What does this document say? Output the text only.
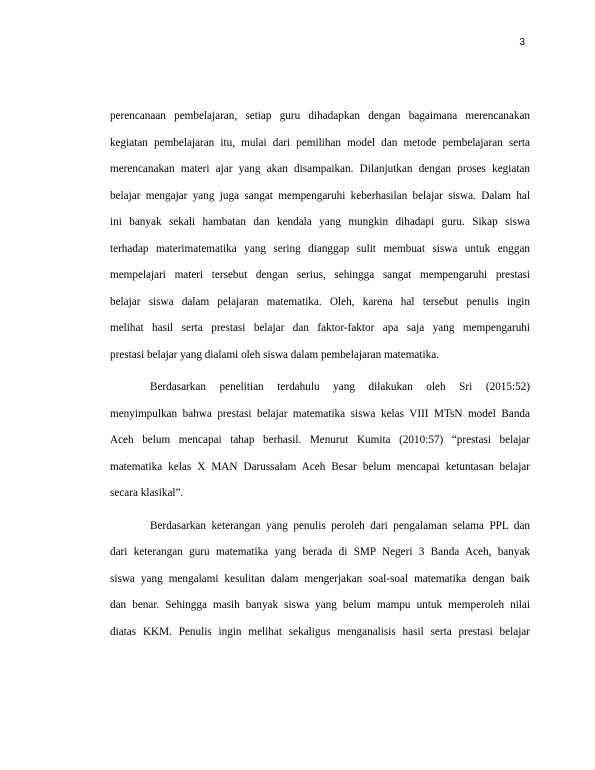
3
perencanaan pembelajaran, setiap guru dihadapkan dengan bagaimana merencanakan
kegiatan pembelajaran itu, mulai dari pemilihan model dan metode pembelajaran serta
merencanakan materi ajar yang akan disampaikan. Dilanjutkan dengan proses kegiatan
belajar mengajar yang juga sangat mempengaruhi keberhasilan belajar siswa. Dalam hal
ini banyak sekali hambatan dan kendala yang mungkin dihadapi guru. Sikap siswa
terhadap materimatematika yang sering dianggap sulit membuat siswa untuk enggan
mempelajari materi tersebut dengan serius, sehingga sangat mempengaruhi prestasi
belajar siswa dalam pelajaran matematika. Oleh, karena hal tersebut penulis ingin
melihat hasil serta prestasi belajar dan faktor-faktor apa saja yang mempengaruhi
prestasi belajar yang dialami oleh siswa dalam pembelajaran matematika.
Berdasarkan penelitian terdahulu yang dilakukan oleh Sri (2015:52)
menyimpulkan bahwa prestasi belajar matematika siswa kelas VIII MTsN model Banda
Aceh belum mencapai tahap berhasil. Menurut Kumita (2010:57) “prestasi belajar
matematika kelas X MAN Darussalam Aceh Besar belum mencapai ketuntasan belajar
secara klasikal”.
Berdasarkan keterangan yang penulis peroleh dari pengalaman selama PPL dan
dari keterangan guru matematika yang berada di SMP Negeri 3 Banda Aceh, banyak
siswa yang mengalami kesulitan dalam mengerjakan soal-soal matematika dengan baik
dan benar. Sehingga masih banyak siswa yang belum mampu untuk memperoleh nilai
diatas KKM. Penulis ingin melihat sekaligus menganalisis hasil serta prestasi belajar
